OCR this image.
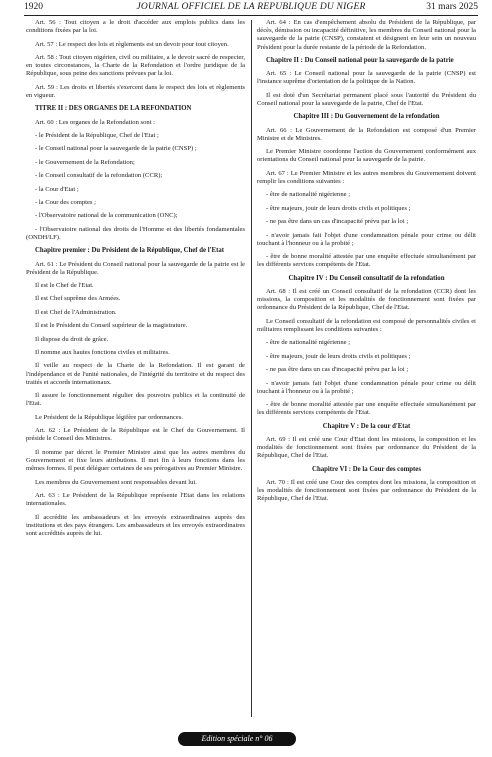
1920	JOURNAL OFFICIEL DE LA REPUBLIQUE DU NIGER	31 mars 2025

Art. 56 : Tout citoyen a le droit d'accéder aux emplois publics dans les conditions fixées par la loi.

Art. 57 : Le respect des lois et règlements est un devoir pour tout citoyen.

Art. 58 : Tout citoyen nigérien, civil ou militaire, a le devoir sacré de respecter, en toutes circonstances, la Charte de la Refondation et l'ordre juridique de la République, sous peine des sanctions prévues par la loi.

Art. 59 : Les droits et libertés s'exercent dans le respect des lois et règlements en vigueur.

TITRE II : DES ORGANES DE LA REFONDATION

Art. 60 : Les organes de la Refondation sont :

- le Président de la République, Chef de l'Etat ;

- le Conseil national pour la sauvegarde de la patrie (CNSP) ;

- le Gouvernement de la Refondation;

- le Conseil consultatif de la refondation (CCR);

- la Cour d'Etat ;

- la Cour des comptes ;

- l'Observatoire national de la communication (ONC);

- l'Observatoire national des droits de l'Homme et des libertés fondamentales (ONDH/LF).

Chapitre premier : Du Président de la République, Chef de l'Etat

Art. 61 : Le Président du Conseil national pour la sauvegarde de la patrie est le Président de la République.

Il est le Chef de l'Etat.

Il est Chef suprême des Armées.

Il est Chef de l'Administration.

Il est le Président du Conseil supérieur de la magistrature.

Il dispose du droit de grâce.

Il nomme aux hautes fonctions civiles et militaires.

Il veille au respect de la Charte de la Refondation. Il est garant de l'indépendance et de l'unité nationales, de l'intégrité du territoire et du respect des traités et accords internationaux.

Il assure le fonctionnement régulier des pouvoirs publics et la continuité de l'Etat.

Le Président de la République légifère par ordonnances.

Art. 62 : Le Président de la République est le Chef du Gouvernement. Il préside le Conseil des Ministres.

Il nomme par décret le Premier Ministre ainsi que les autres membres du Gouvernement et fixe leurs attributions. Il met fin à leurs fonctions dans les mêmes formes. Il peut déléguer certaines de ses prérogatives au Premier Ministre.

Les membres du Gouvernement sont responsables devant lui.

Art. 63 : Le Président de la République représente l'Etat dans les relations internationales.

Il accrédite les ambassadeurs et les envoyés extraordinaires auprès des institutions et des pays étrangers. Les ambassadeurs et les envoyés extraordinaires sont accrédités auprès de lui.

Art. 64 : En cas d'empêchement absolu du Président de la République, par décès, démission ou incapacité définitive, les membres du Conseil national pour la sauvegarde de la patrie (CNSP), constatent et désignent en leur sein un nouveau Président pour la durée restante de la période de la Refondation.

Chapitre II : Du Conseil national pour la sauvegarde de la patrie

Art. 65 : Le Conseil national pour la sauvegarde de la patrie (CNSP) est l'instance suprême d'orientation de la politique de la Nation.

Il est doté d'un Secrétariat permanent placé sous l'autorité du Président du Conseil national pour la sauvegarde de la patrie, Chef de l'Etat.

Chapitre III : Du Gouvernement de la refondation

Art. 66 : Le Gouvernement de la Refondation est composé d'un Premier Ministre et de Ministres.

Le Premier Ministre coordonne l'action du Gouvernement conformément aux orientations du Conseil national pour la sauvegarde de la patrie.

Art. 67 : Le Premier Ministre et les autres membres du Gouvernement doivent remplir les conditions suivantes :

- être de nationalité nigérienne ;

- être majeurs, jouir de leurs droits civils et politiques ;

- ne pas être dans un cas d'incapacité prévu par la loi ;

- n'avoir jamais fait l'objet d'une condamnation pénale pour crime ou délit touchant à l'honneur ou à la probité ;

- être de bonne moralité attestée par une enquête effectuée simultanément par les différents services compétents de l'Etat.

Chapitre IV : Du Conseil consultatif de la refondation

Art. 68 : Il est créé un Conseil consultatif de la refondation (CCR) dont les missions, la composition et les modalités de fonctionnement sont fixées par ordonnance du Président de la République, Chef de l'Etat.

Le Conseil consultatif de la refondation est composé de personnalités civiles et militaires remplissant les conditions suivantes :

- être de nationalité nigérienne ;

- être majeurs, jouir de leurs droits civils et politiques ;

- ne pas être dans un cas d'incapacité prévu par la loi ;

- n'avoir jamais fait l'objet d'une condamnation pénale pour crime ou délit touchant à l'honneur ou à la probité ;

- être de bonne moralité attestée par une enquête effectuée simultanément par les différents services compétents de l'Etat.

Chapitre V : De la cour d'Etat

Art. 69 : Il est créé une Cour d'Etat dont les missions, la composition et les modalités de fonctionnement sont fixées par ordonnance du Président de la République, Chef de l'Etat.

Chapitre VI : De la Cour des comptes

Art. 70 : Il est créé une Cour des comptes dont les missions, la composition et les modalités de fonctionnement sont fixées par ordonnance du Président de la République, Chef de l'Etat.

Edition spéciale n° 06
